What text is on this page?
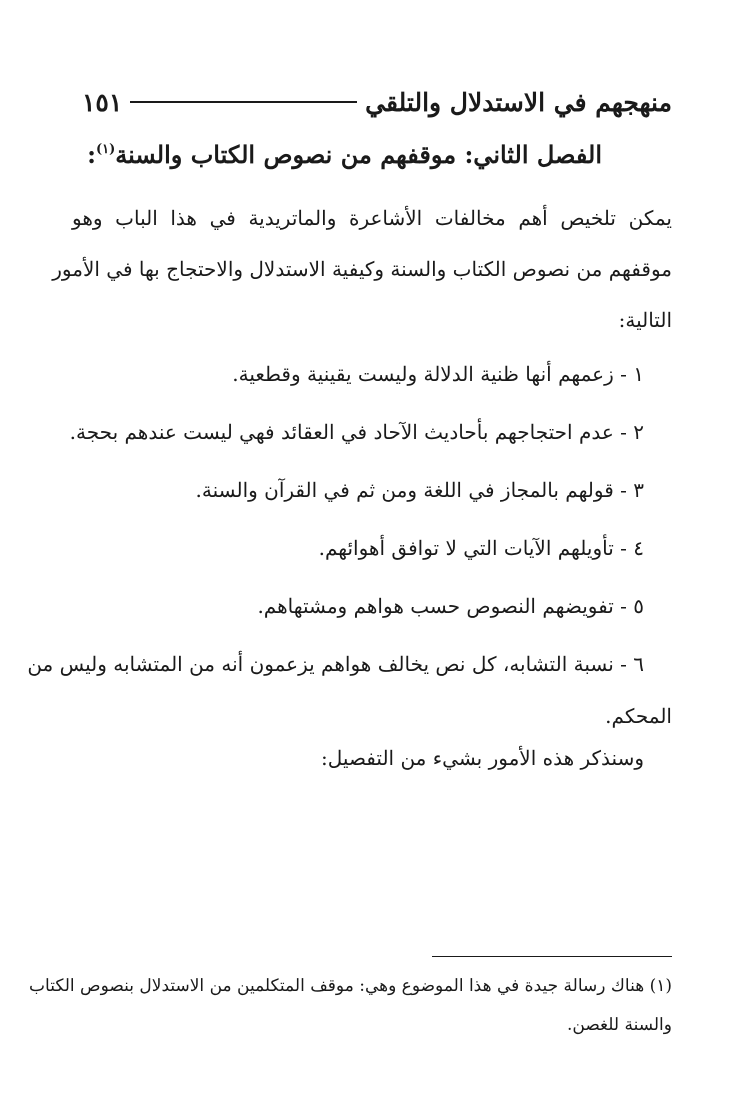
منهجهم في الاستدلال والتلقي
١٥١
الفصل الثاني: موقفهم من نصوص الكتاب والسنة$^{(١)}$:
يمكن تلخيص أهم مخالفات الأشاعرة والماتريدية في هذا الباب وهو
موقفهم من نصوص الكتاب والسنة وكيفية الاستدلال والاحتجاج بها في الأمور
التالية:
١ - زعمهم أنها ظنية الدلالة وليست يقينية وقطعية.
٢ - عدم احتجاجهم بأحاديث الآحاد في العقائد فهي ليست عندهم بحجة.
٣ - قولهم بالمجاز في اللغة ومن ثم في القرآن والسنة.
٤ - تأويلهم الآيات التي لا توافق أهوائهم.
٥ - تفويضهم النصوص حسب هواهم ومشتهاهم.
٦ - نسبة التشابه، كل نص يخالف هواهم يزعمون أنه من المتشابه وليس من
المحكم.
وسنذكر هذه الأمور بشيء من التفصيل:
(١) هناك رسالة جيدة في هذا الموضوع وهي: موقف المتكلمين من الاستدلال بنصوص الكتاب
والسنة للغصن.
